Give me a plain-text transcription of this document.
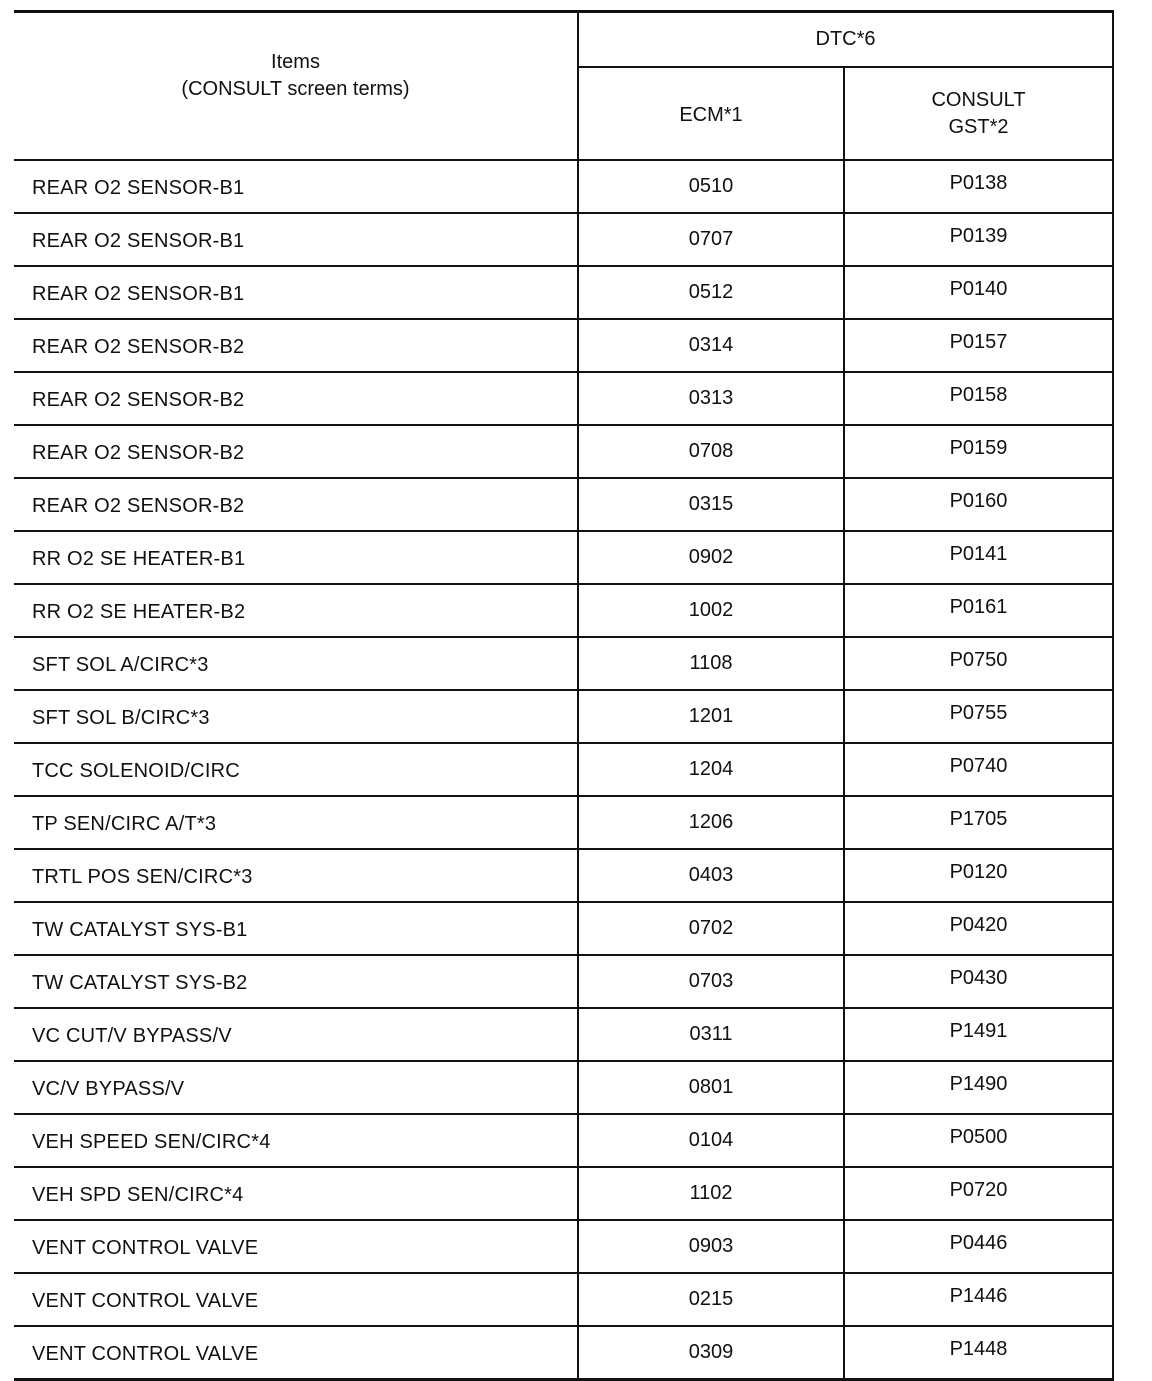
Items
(CONSULT screen terms)	DTC*6	
	ECM*1	CONSULT
GST*2

REAR O2 SENSOR-B1	0510	P0138
REAR O2 SENSOR-B1	0707	P0139
REAR O2 SENSOR-B1	0512	P0140
REAR O2 SENSOR-B2	0314	P0157
REAR O2 SENSOR-B2	0313	P0158
REAR O2 SENSOR-B2	0708	P0159
REAR O2 SENSOR-B2	0315	P0160
RR O2 SE HEATER-B1	0902	P0141
RR O2 SE HEATER-B2	1002	P0161
SFT SOL A/CIRC*3	1108	P0750
SFT SOL B/CIRC*3	1201	P0755
TCC SOLENOID/CIRC	1204	P0740
TP SEN/CIRC A/T*3	1206	P1705
TRTL POS SEN/CIRC*3	0403	P0120
TW CATALYST SYS-B1	0702	P0420
TW CATALYST SYS-B2	0703	P0430
VC CUT/V BYPASS/V	0311	P1491
VC/V BYPASS/V	0801	P1490
VEH SPEED SEN/CIRC*4	0104	P0500
VEH SPD SEN/CIRC*4	1102	P0720
VENT CONTROL VALVE	0903	P0446
VENT CONTROL VALVE	0215	P1446
VENT CONTROL VALVE	0309	P1448
